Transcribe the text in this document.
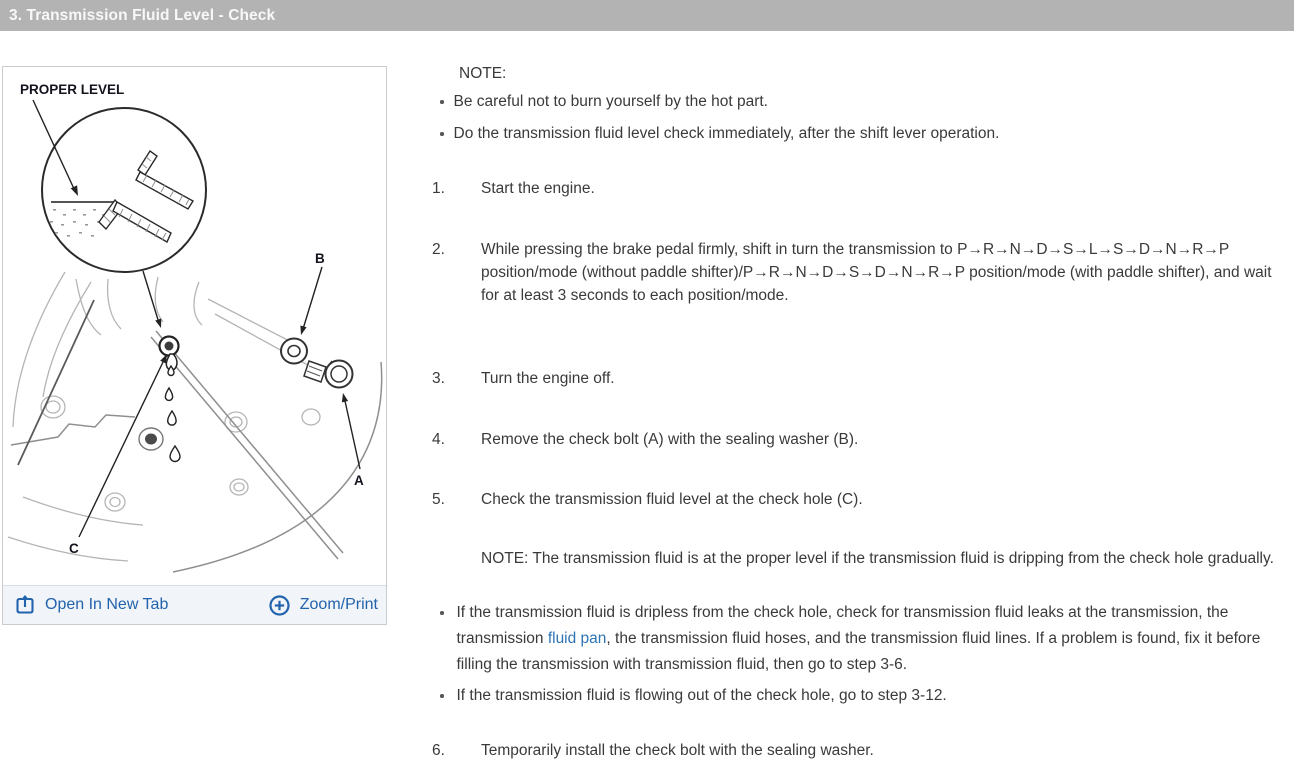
3. Transmission Fluid Level - Check
PROPER LEVEL
B
A
C
Open In New Tab	Zoom/Print
NOTE:
Be careful not to burn yourself by the hot part.
Do the transmission fluid level check immediately, after the shift lever operation.
1. Start the engine.
2. While pressing the brake pedal firmly, shift in turn the transmission to P→R→N→D→S→L→S→D→N→R→P position/mode (without paddle shifter)/P→R→N→D→S→D→N→R→P position/mode (with paddle shifter), and wait for at least 3 seconds to each position/mode.
3. Turn the engine off.
4. Remove the check bolt (A) with the sealing washer (B).
5. Check the transmission fluid level at the check hole (C).
NOTE: The transmission fluid is at the proper level if the transmission fluid is dripping from the check hole gradually.
If the transmission fluid is dripless from the check hole, check for transmission fluid leaks at the transmission, the transmission fluid pan, the transmission fluid hoses, and the transmission fluid lines. If a problem is found, fix it before filling the transmission with transmission fluid, then go to step 3-6.
If the transmission fluid is flowing out of the check hole, go to step 3-12.
6. Temporarily install the check bolt with the sealing washer.
